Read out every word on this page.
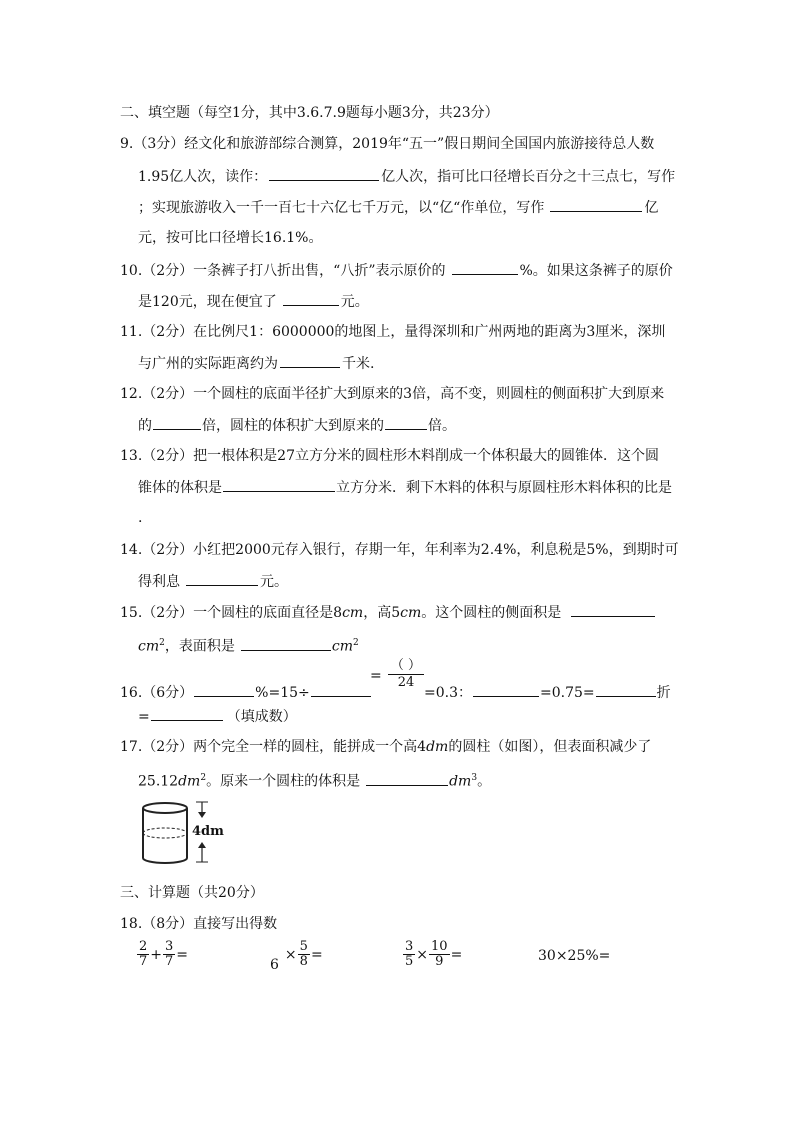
二、填空题（每空1分，其中3.6.7.9题每小题3分，共23分）
9.（3分）经文化和旅游部综合测算，2019年“五一”假日期间全国国内旅游接待总人数
1.95亿人次，读作：	亿人次，指可比口径增长百分之十三点七，写作
；实现旅游收入一千一百七十六亿七千万元，以“亿“作单位，写作	亿
元，按可比口径增长16.1%。
10.（2分）一条裤子打八折出售，“八折”表示原价的	%。如果这条裤子的原价
是120元，现在便宜了	元。
11.（2分）在比例尺1：6000000的地图上，量得深圳和广州两地的距离为3厘米，深圳
与广州的实际距离约为	千米.
12.（2分）一个圆柱的底面半径扩大到原来的3倍，高不变，则圆柱的侧面积扩大到原来
的	倍，圆柱的体积扩大到原来的	倍。
13.（2分）把一根体积是27立方分米的圆柱形木料削成一个体积最大的圆锥体．这个圆
锥体的体积是	立方分米．剩下木料的体积与原圆柱形木料体积的比是
.
14.（2分）小红把2000元存入银行，存期一年，年利率为2.4%，利息税是5%，到期时可
得利息	元。
15.（2分）一个圆柱的底面直径是8cm，高5cm。这个圆柱的侧面积是
$cm^2$，表面积是	$cm^2$
（ ）
24
=
16.（6分）	%=15÷	=0.3：	=0.75=	折
=	（填成数）
17.（2分）两个完全一样的圆柱，能拼成一个高4dm的圆柱（如图），但表面积减少了
$25.12dm^2$。原来一个圆柱的体积是	$dm^3$。
4dm
三、计算题（共20分）
18.（8分）直接写出得数
$\frac{2}{7} + \frac{3}{7}$ =
6
× $\frac{5}{8}$ =	$\frac{3}{5} \times \frac{10}{9}$ =	30×25%=
